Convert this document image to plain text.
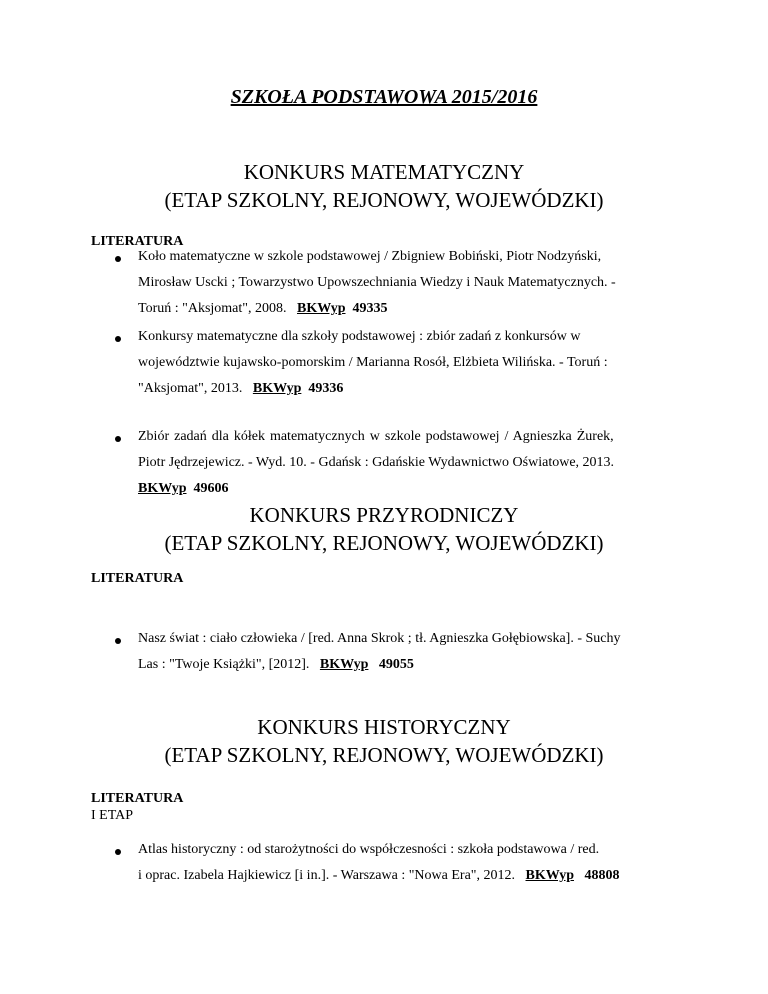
SZKOŁA PODSTAWOWA 2015/2016
KONKURS MATEMATYCZNY
(ETAP SZKOLNY, REJONOWY, WOJEWÓDZKI)
LITERATURA
Koło matematyczne w szkole podstawowej / Zbigniew Bobiński, Piotr Nodzyński,
Mirosław Uscki ; Towarzystwo Upowszechniania Wiedzy i Nauk Matematycznych. -
Toruń : "Aksjomat", 2008. BKWyp 49335
Konkursy matematyczne dla szkoły podstawowej : zbiór zadań z konkursów w
województwie kujawsko-pomorskim / Marianna Rosół, Elżbieta Wilińska. - Toruń :
"Aksjomat", 2013. BKWyp 49336
Zbiór zadań dla kółek matematycznych w szkole podstawowej / Agnieszka Żurek,
Piotr Jędrzejewicz. - Wyd. 10. - Gdańsk : Gdańskie Wydawnictwo Oświatowe, 2013.
BKWyp 49606
KONKURS PRZYRODNICZY
(ETAP SZKOLNY, REJONOWY, WOJEWÓDZKI)
LITERATURA
Nasz świat : ciało człowieka / [red. Anna Skrok ; tł. Agnieszka Gołębiowska]. - Suchy
Las : "Twoje Książki", [2012]. BKWyp 49055
KONKURS HISTORYCZNY
(ETAP SZKOLNY, REJONOWY, WOJEWÓDZKI)
LITERATURA
I ETAP
Atlas historyczny : od starożytności do współczesności : szkoła podstawowa / red.
i oprac. Izabela Hajkiewicz [i in.]. - Warszawa : "Nowa Era", 2012. BKWyp 48808
